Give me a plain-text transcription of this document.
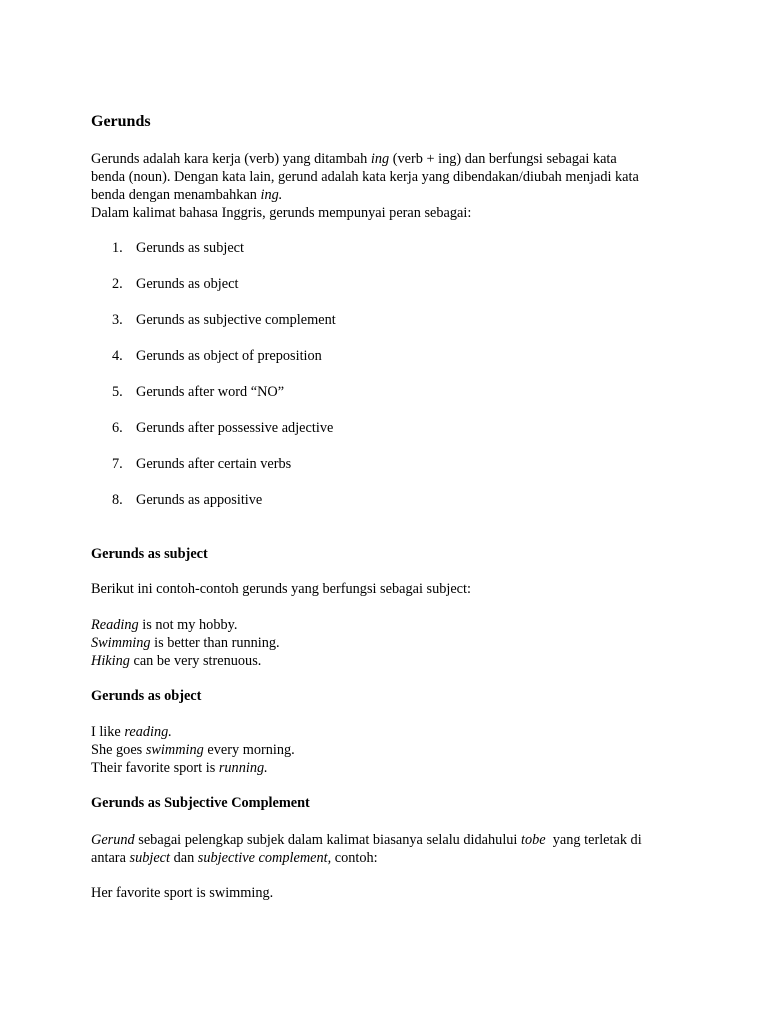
Gerunds

Gerunds adalah kara kerja (verb) yang ditambah ing (verb + ing) dan berfungsi sebagai kata

benda (noun). Dengan kata lain, gerund adalah kata kerja yang dibendakan/diubah menjadi kata

benda dengan menambahkan ing.

Dalam kalimat bahasa Inggris, gerunds mempunyai peran sebagai:

1. Gerunds as subject
2. Gerunds as object
3. Gerunds as subjective complement
4. Gerunds as object of preposition
5. Gerunds after word “NO”
6. Gerunds after possessive adjective
7. Gerunds after certain verbs
8. Gerunds as appositive
Gerunds as subject

Berikut ini contoh-contoh gerunds yang berfungsi sebagai subject:

Reading is not my hobby.

Swimming is better than running.

Hiking can be very strenuous.

Gerunds as object

I like reading.

She goes swimming every morning.

Their favorite sport is running.

Gerunds as Subjective Complement

Gerund sebagai pelengkap subjek dalam kalimat biasanya selalu didahului tobe  yang terletak di

antara subject dan subjective complement, contoh:

Her favorite sport is swimming.
